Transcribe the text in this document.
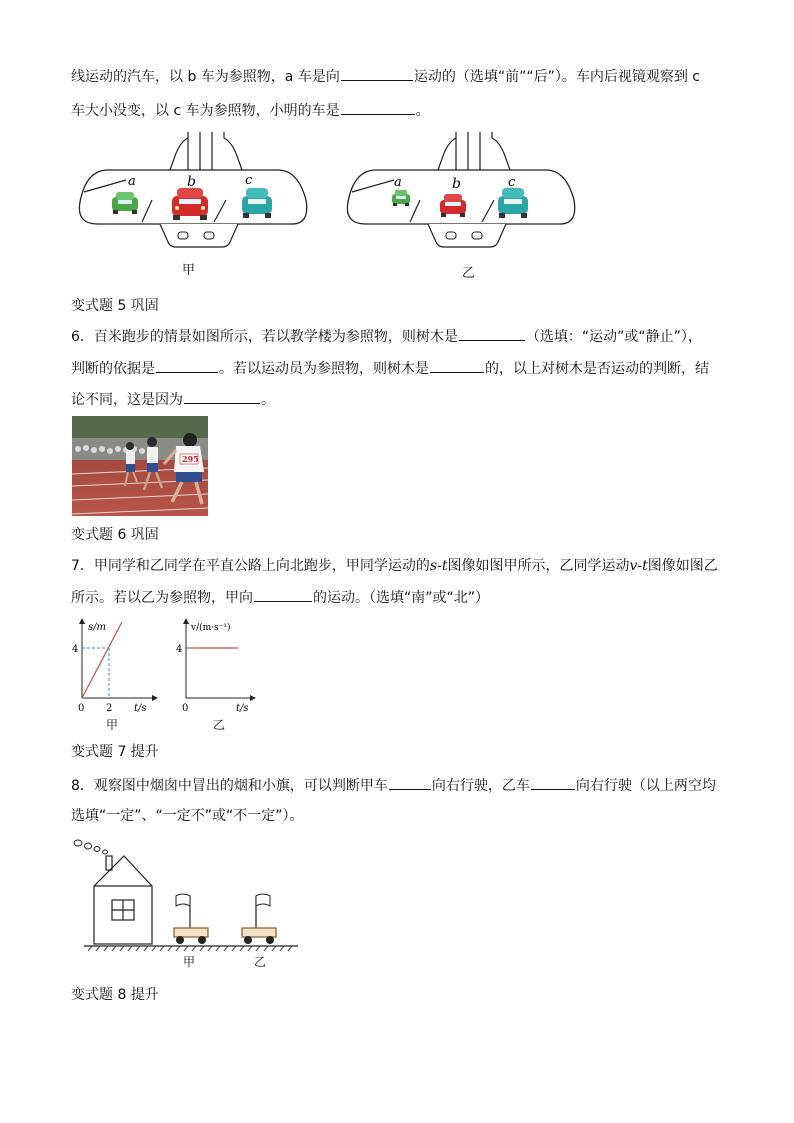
线运动的汽车，以 b 车为参照物，a 车是向	运动的（选填“前”“后”）。车内后视镜观察到 c
车大小没变，以 c 车为参照物，小明的车是	。
a	b	c	a	b	c
甲	乙
变式题 5 巩固
6．百米跑步的情景如图所示，若以教学楼为参照物，则树木是	（选填：“运动”或“静止”），
判断的依据是	。若以运动员为参照物，则树木是	的，以上对树木是否运动的判断，结
论不同，这是因为	。
295
变式题 6 巩固
7．甲同学和乙同学在平直公路上向北跑步，甲同学运动的s-t图像如图甲所示，乙同学运动v-t图像如图乙
所示。若以乙为参照物，甲向	的运动。（选填“南”或“北”）
s/m
4
0 2 t/s
甲
v/(m·s⁻¹)
4
0	t/s
乙
变式题 7 提升
8．观察图中烟囱中冒出的烟和小旗，可以判断甲车	向右行驶，乙车	向右行驶（以上两空均
选填“一定”、“一定不”或“不一定”）。
甲	乙
变式题 8 提升
